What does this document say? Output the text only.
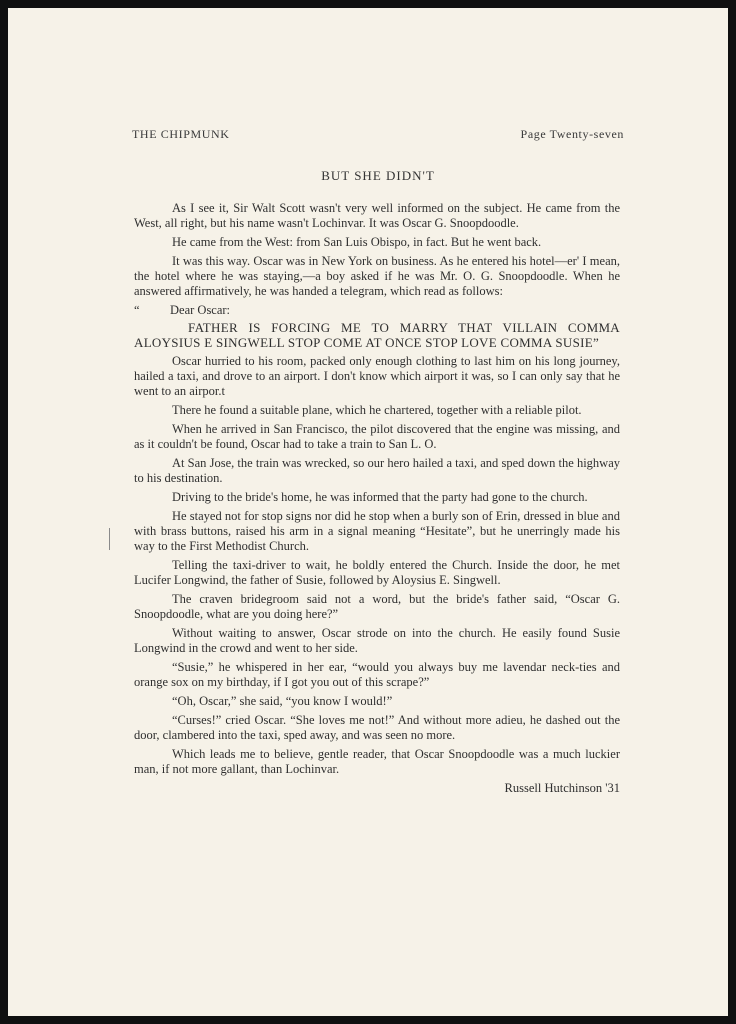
THE CHIPMUNK	Page Twenty-seven
BUT SHE DIDN'T

As I see it, Sir Walt Scott wasn't very well informed on the subject. He came from the West, all right, but his name wasn't Lochinvar. It was Oscar G. Snoopdoodle.

He came from the West: from San Luis Obispo, in fact. But he went back.

It was this way. Oscar was in New York on business. As he entered his hotel—er' I mean, the hotel where he was staying,—a boy asked if he was Mr. O. G. Snoopdoodle. When he answered affirmatively, he was handed a telegram, which read as follows:

“ Dear Oscar:

FATHER IS FORCING ME TO MARRY THAT VILLAIN COMMA ALOYSIUS E SINGWELL STOP COME AT ONCE STOP LOVE COMMA SUSIE”

Oscar hurried to his room, packed only enough clothing to last him on his long journey, hailed a taxi, and drove to an airport. I don't know which airport it was, so I can only say that he went to an airpor.t

There he found a suitable plane, which he chartered, together with a reliable pilot.

When he arrived in San Francisco, the pilot discovered that the engine was missing, and as it couldn't be found, Oscar had to take a train to San L. O.

At San Jose, the train was wrecked, so our hero hailed a taxi, and sped down the highway to his destination.

Driving to the bride's home, he was informed that the party had gone to the church.

He stayed not for stop signs nor did he stop when a burly son of Erin, dressed in blue and with brass buttons, raised his arm in a signal meaning “Hesitate”, but he unerringly made his way to the First Methodist Church.

Telling the taxi-driver to wait, he boldly entered the Church. Inside the door, he met Lucifer Longwind, the father of Susie, followed by Aloysius E. Singwell.

The craven bridegroom said not a word, but the bride's father said, “Oscar G. Snoopdoodle, what are you doing here?”

Without waiting to answer, Oscar strode on into the church. He easily found Susie Longwind in the crowd and went to her side.

“Susie,” he whispered in her ear, “would you always buy me lavendar neck-ties and orange sox on my birthday, if I got you out of this scrape?”

“Oh, Oscar,” she said, “you know I would!”

“Curses!” cried Oscar. “She loves me not!” And without more adieu, he dashed out the door, clambered into the taxi, sped away, and was seen no more.

Which leads me to believe, gentle reader, that Oscar Snoopdoodle was a much luckier man, if not more gallant, than Lochinvar.

Russell Hutchinson '31
